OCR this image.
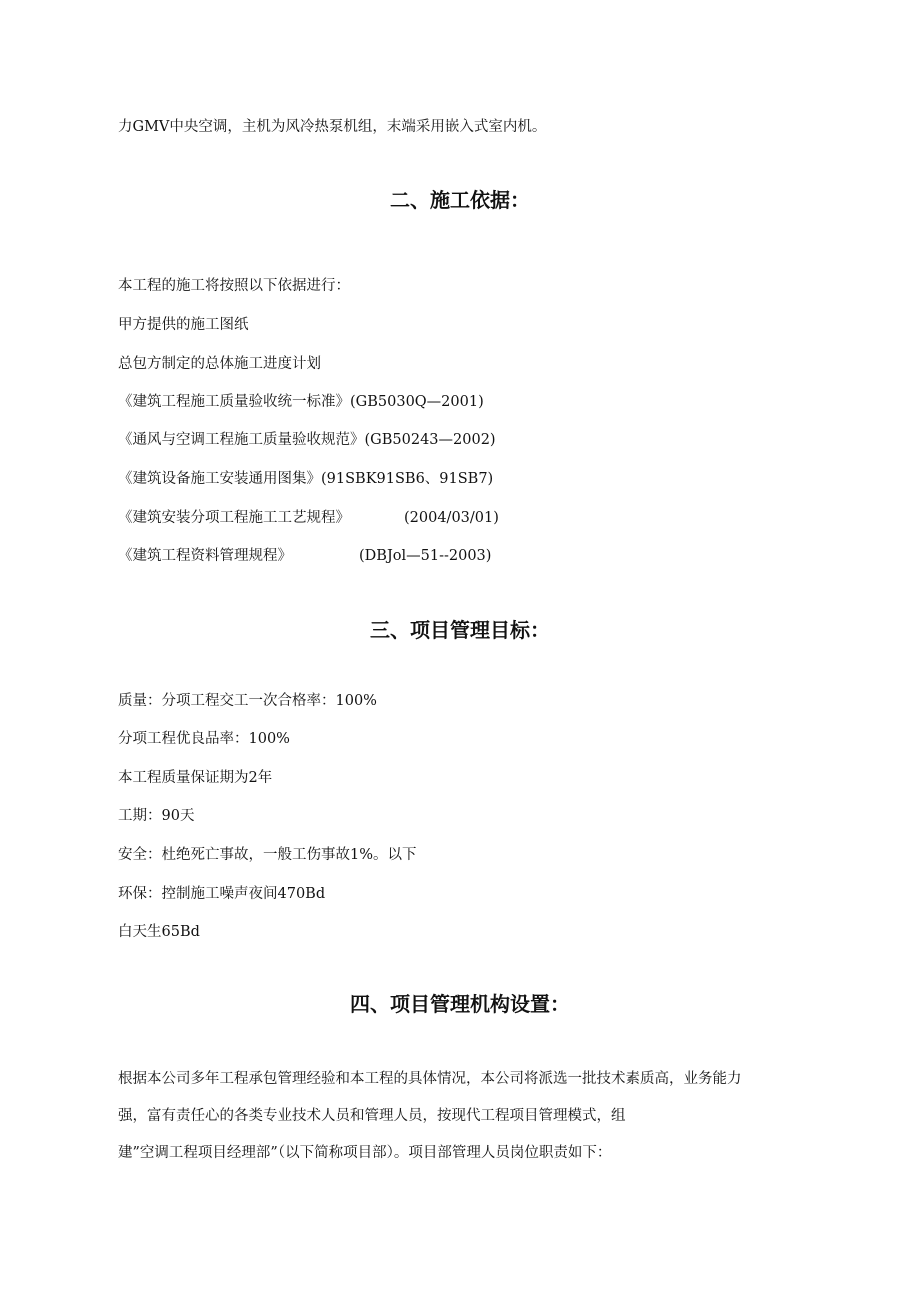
力GMV中央空调，主机为风冷热泵机组，末端采用嵌入式室内机。
二、施工依据：
本工程的施工将按照以下依据进行：
甲方提供的施工图纸
总包方制定的总体施工进度计划
《建筑工程施工质量验收统一标准》(GB5030Q—2001)
《通风与空调工程施工质量验收规范》(GB50243—2002)
《建筑设备施工安装通用图集》(91SBK91SB6、91SB7)
《建筑安装分项工程施工工艺规程》	(2004/03/01)
《建筑工程资料管理规程》	(DBJol—51--2003)
三、项目管理目标：
质量：分项工程交工一次合格率：100%
分项工程优良品率：100%
本工程质量保证期为2年
工期：90天
安全：杜绝死亡事故，一般工伤事故1%。以下
环保：控制施工噪声夜间470Bd
白天生65Bd
四、项目管理机构设置：
根据本公司多年工程承包管理经验和本工程的具体情况，本公司将派选一批技术素质高，业务能力
强，富有责任心的各类专业技术人员和管理人员，按现代工程项目管理模式，组
建”空调工程项目经理部”（以下简称项目部）。项目部管理人员岗位职责如下：
